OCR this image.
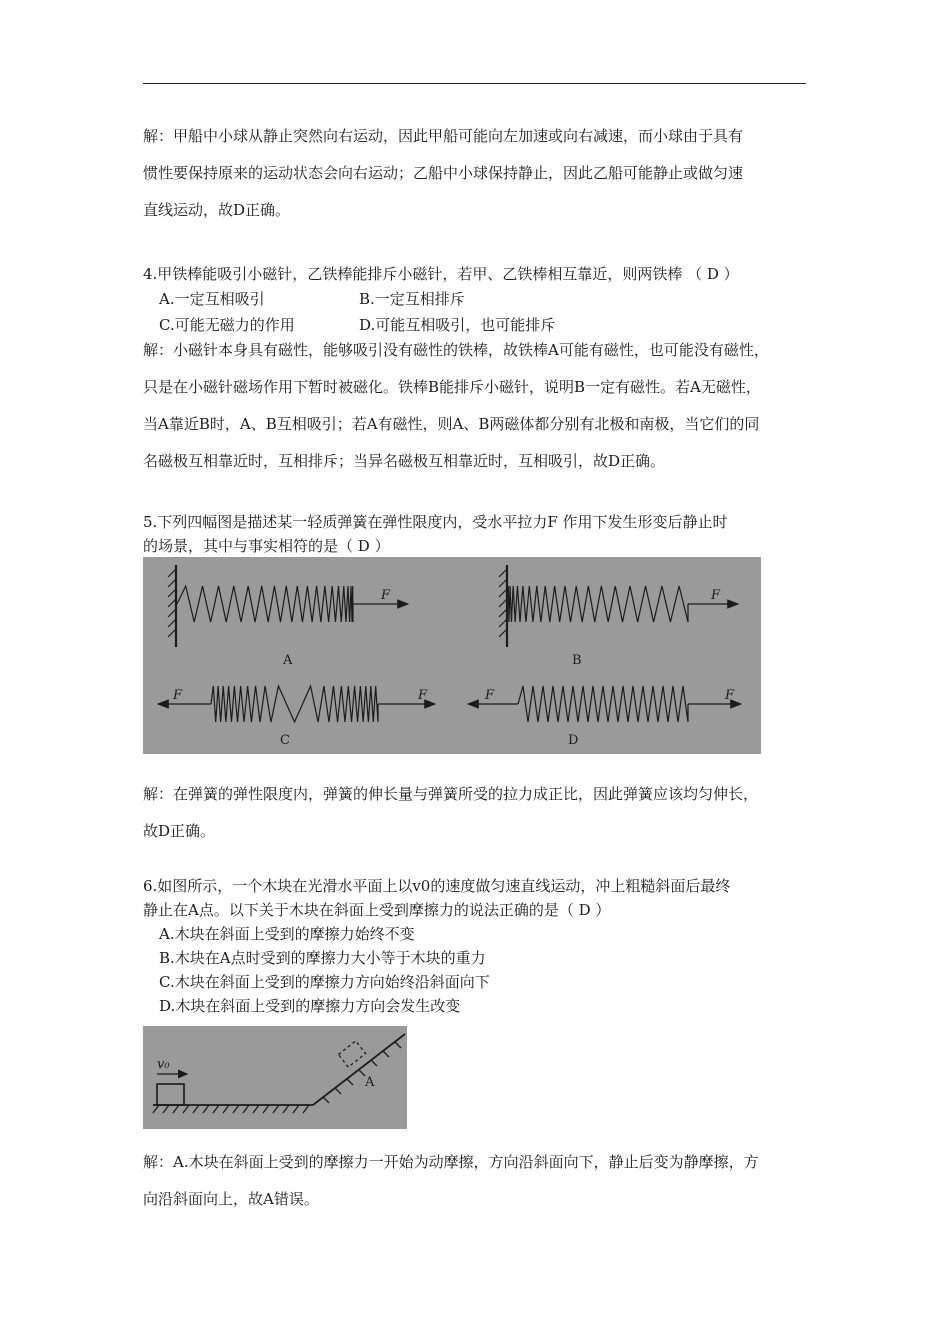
解：甲船中小球从静止突然向右运动，因此甲船可能向左加速或向右减速，而小球由于具有
惯性要保持原来的运动状态会向右运动；乙船中小球保持静止，因此乙船可能静止或做匀速
直线运动，故D正确。
4.甲铁棒能吸引小磁针，乙铁棒能排斥小磁针，若甲、乙铁棒相互靠近，则两铁棒 （ D ）
A.一定互相吸引	B.一定互相排斥
C.可能无磁力的作用	D.可能互相吸引，也可能排斥
解：小磁针本身具有磁性，能够吸引没有磁性的铁棒，故铁棒A可能有磁性，也可能没有磁性，
只是在小磁针磁场作用下暂时被磁化。铁棒B能排斥小磁针，说明B一定有磁性。若A无磁性，
当A靠近B时，A、B互相吸引；若A有磁性，则A、B两磁体都分别有北极和南极，当它们的同
名磁极互相靠近时，互相排斥；当异名磁极互相靠近时，互相吸引，故D正确。
5.下列四幅图是描述某一轻质弹簧在弹性限度内，受水平拉力F 作用下发生形变后静止时
的场景，其中与事实相符的是（ D ）
F	F
F	F	F	F
A	B
C	D
解：在弹簧的弹性限度内，弹簧的伸长量与弹簧所受的拉力成正比，因此弹簧应该均匀伸长，
故D正确。
6.如图所示，一个木块在光滑水平面上以v0的速度做匀速直线运动，冲上粗糙斜面后最终
静止在A点。以下关于木块在斜面上受到摩擦力的说法正确的是（ D ）
A.木块在斜面上受到的摩擦力始终不变
B.木块在A点时受到的摩擦力大小等于木块的重力
C.木块在斜面上受到的摩擦力方向始终沿斜面向下
D.木块在斜面上受到的摩擦力方向会发生改变
v₀
A
解：A.木块在斜面上受到的摩擦力一开始为动摩擦，方向沿斜面向下，静止后变为静摩擦，方
向沿斜面向上，故A错误。
